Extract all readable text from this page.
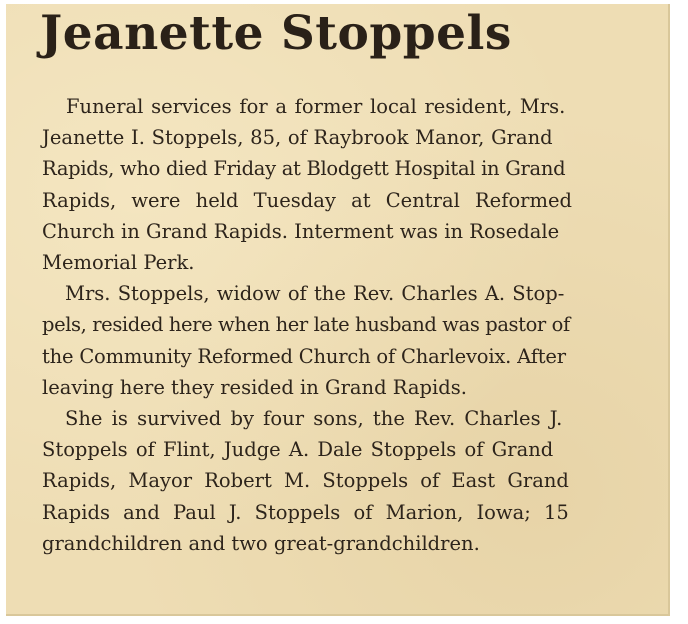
Jeanette Stoppels

Funeral services for a former local resident, Mrs.
Jeanette I. Stoppels, 85, of Raybrook Manor, Grand
Rapids, who died Friday at Blodgett Hospital in Grand
Rapids, were held Tuesday at Central Reformed
Church in Grand Rapids. Interment was in Rosedale
Memorial Perk.

Mrs. Stoppels, widow of the Rev. Charles A. Stop-
pels, resided here when her late husband was pastor of
the Community Reformed Church of Charlevoix. After
leaving here they resided in Grand Rapids.

She is survived by four sons, the Rev. Charles J.
Stoppels of Flint, Judge A. Dale Stoppels of Grand
Rapids, Mayor Robert M. Stoppels of East Grand
Rapids and Paul J. Stoppels of Marion, Iowa; 15
grandchildren and two great-grandchildren.
